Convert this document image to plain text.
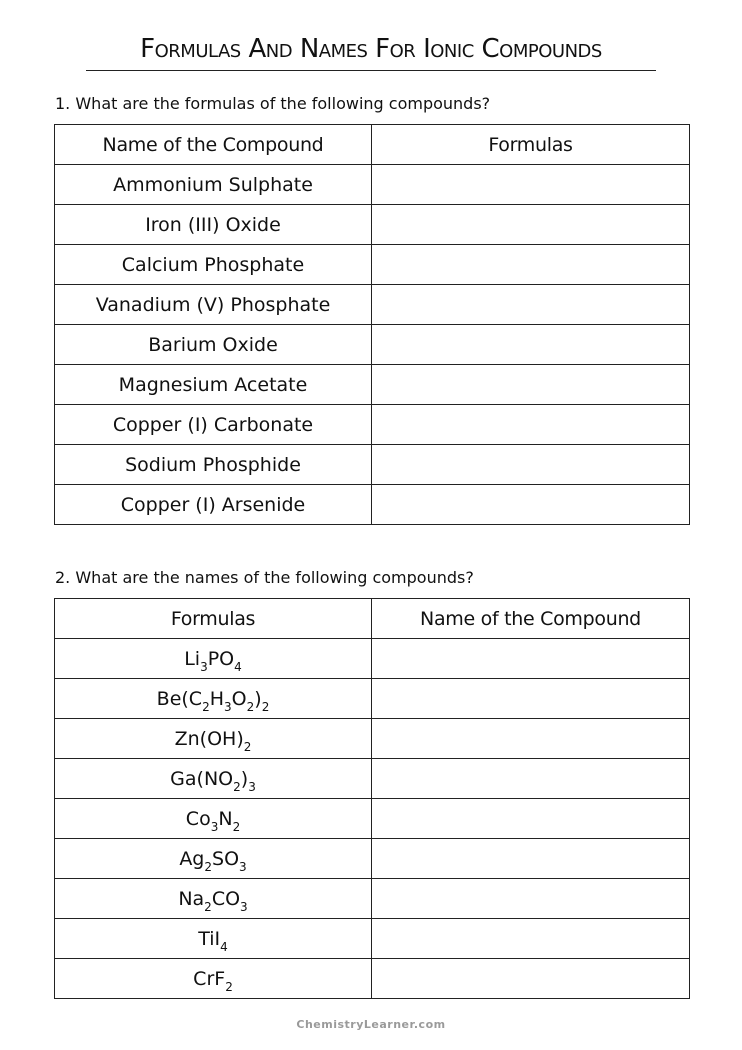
Formulas And Names For Ionic Compounds

1. What are the formulas of the following compounds?

Name of the Compound	Formulas
Ammonium Sulphate	
Iron (III) Oxide	
Calcium Phosphate	
Vanadium (V) Phosphate	
Barium Oxide	
Magnesium Acetate	
Copper (I) Carbonate	
Sodium Phosphide	
Copper (I) Arsenide	

2. What are the names of the following compounds?

Formulas	Name of the Compound
$Li_3PO_4$	
$Be(C_2H_3O_2)_2$	
$Zn(OH)_2$	
$Ga(NO_2)_3$	
$Co_3N_2$	
$Ag_2SO_3$	
$Na_2CO_3$	
TiI$_4$	
CrF$_2$	
ChemistryLearner.com
